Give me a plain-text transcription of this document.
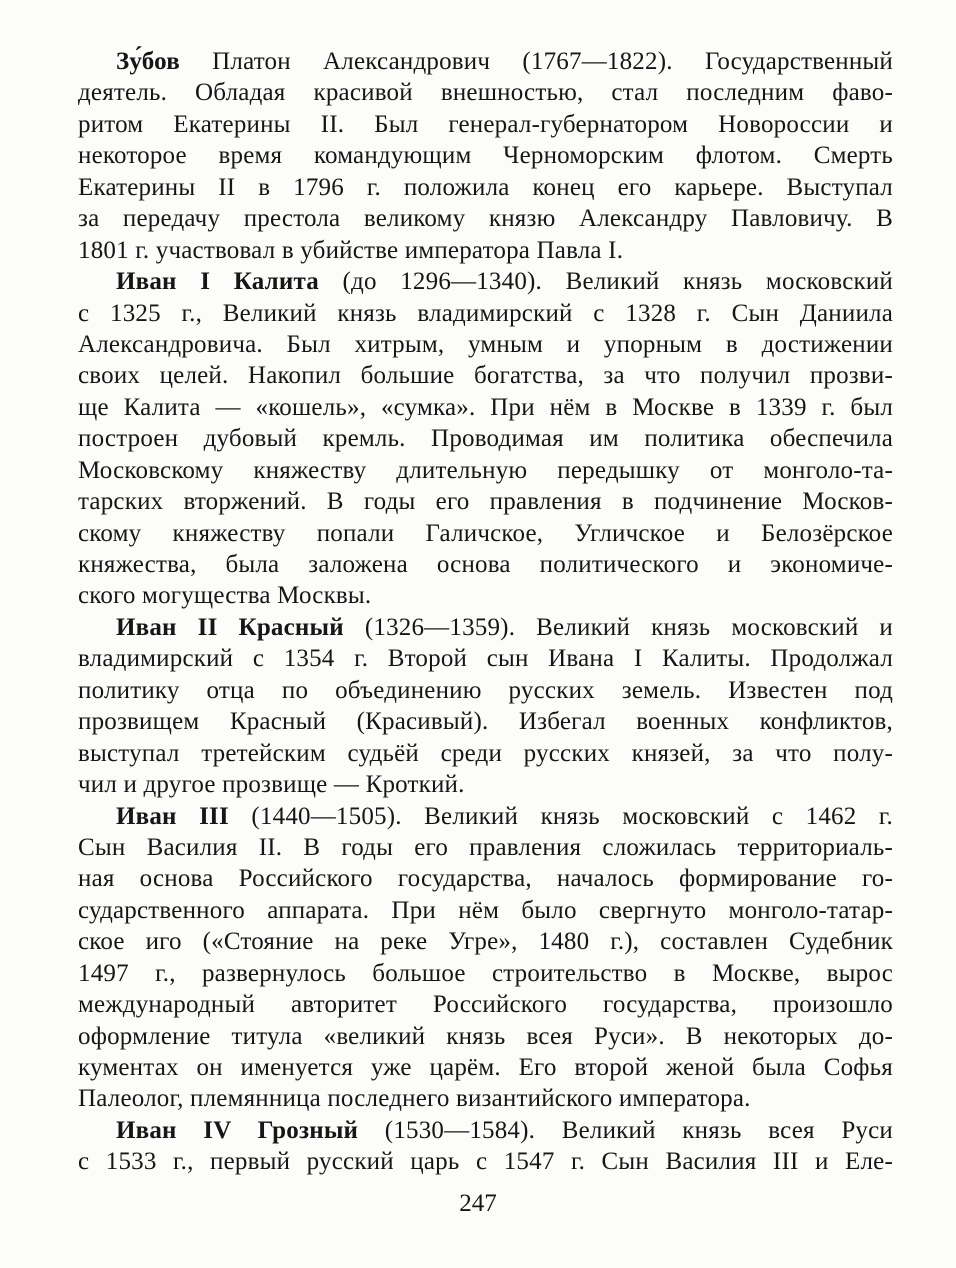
Зу́бов Платон Александрович (1767—1822). Государственный
деятель. Обладая красивой внешностью, стал последним фаво-
ритом Екатерины II. Был генерал-губернатором Новороссии и
некоторое время командующим Черноморским флотом. Смерть
Екатерины II в 1796 г. положила конец его карьере. Выступал
за передачу престола великому князю Александру Павловичу. В
1801 г. участвовал в убийстве императора Павла I.
Иван I Калита (до 1296—1340). Великий князь московский
с 1325 г., Великий князь владимирский с 1328 г. Сын Даниила
Александровича. Был хитрым, умным и упорным в достижении
своих целей. Накопил большие богатства, за что получил прозви-
ще Калита — «кошель», «сумка». При нём в Москве в 1339 г. был
построен дубовый кремль. Проводимая им политика обеспечила
Московскому княжеству длительную передышку от монголо-та-
тарских вторжений. В годы его правления в подчинение Москов-
скому княжеству попали Галичское, Угличское и Белозёрское
княжества, была заложена основа политического и экономиче-
ского могущества Москвы.
Иван II Красный (1326—1359). Великий князь московский и
владимирский с 1354 г. Второй сын Ивана I Калиты. Продолжал
политику отца по объединению русских земель. Известен под
прозвищем Красный (Красивый). Избегал военных конфликтов,
выступал третейским судьёй среди русских князей, за что полу-
чил и другое прозвище — Кроткий.
Иван III (1440—1505). Великий князь московский с 1462 г.
Сын Василия II. В годы его правления сложилась территориаль-
ная основа Российского государства, началось формирование го-
сударственного аппарата. При нём было свергнуто монголо-татар-
ское иго («Стояние на реке Угре», 1480 г.), составлен Судебник
1497 г., развернулось большое строительство в Москве, вырос
международный авторитет Российского государства, произошло
оформление титула «великий князь всея Руси». В некоторых до-
кументах он именуется уже царём. Его второй женой была Софья
Палеолог, племянница последнего византийского императора.
Иван IV Грозный (1530—1584). Великий князь всея Руси
с 1533 г., первый русский царь с 1547 г. Сын Василия III и Еле-
247
